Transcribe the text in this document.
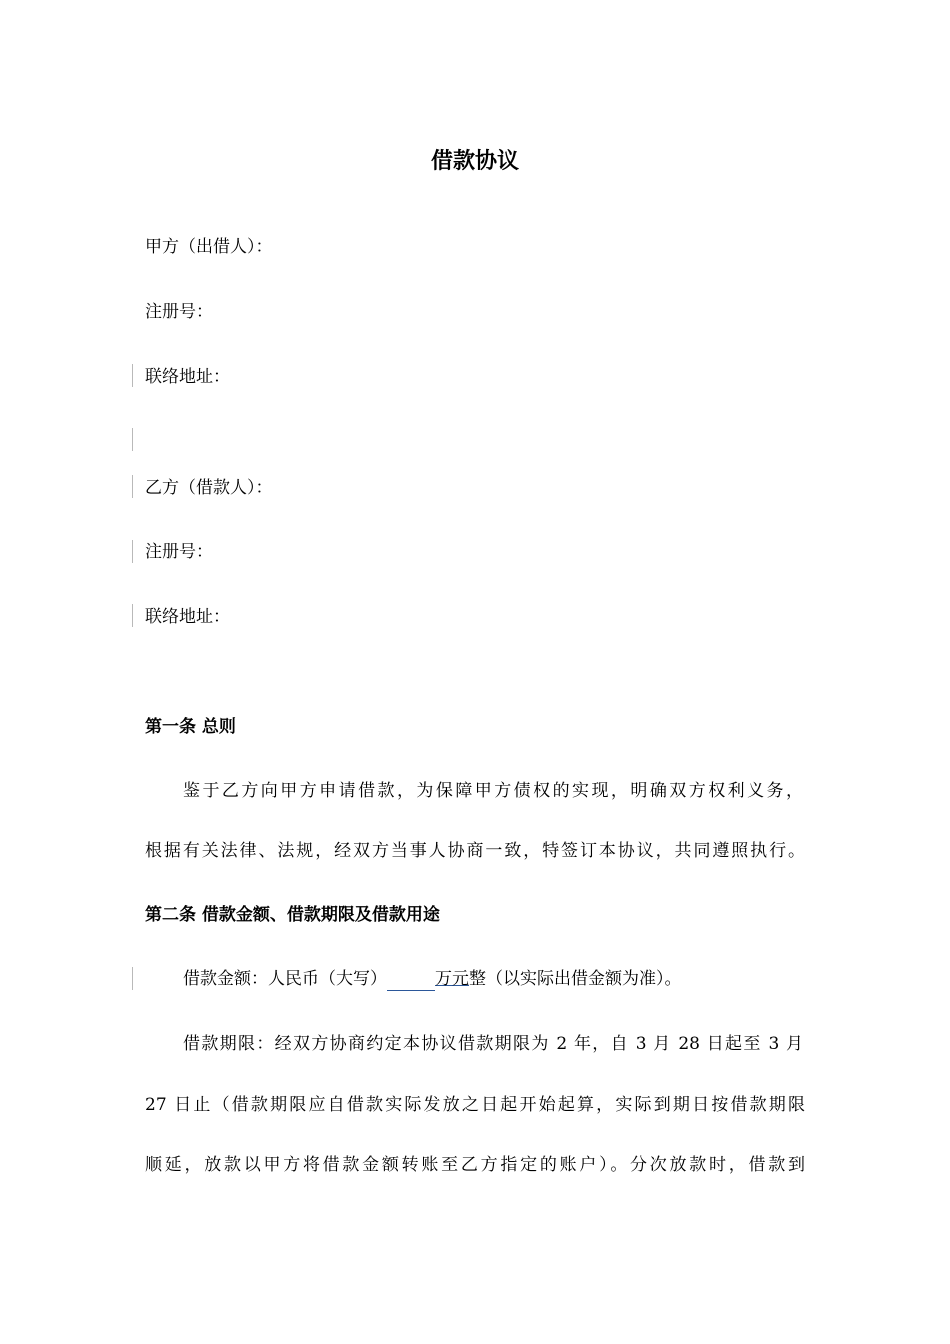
借款协议
甲方（出借人）：
注册号：
联络地址：
乙方（借款人）：
注册号：
联络地址：
第一条 总则
鉴于乙方向甲方申请借款，为保障甲方债权的实现，明确双方权利义务，
根据有关法律、法规，经双方当事人协商一致，特签订本协议，共同遵照执行。
第二条 借款金额、借款期限及借款用途
借款金额：人民币（大写）	万元整（以实际出借金额为准）。
借款期限：经双方协商约定本协议借款期限为 2 年，自 3 月 28 日起至 3 月
27 日止（借款期限应自借款实际发放之日起开始起算，实际到期日按借款期限
顺延，放款以甲方将借款金额转账至乙方指定的账户）。分次放款时，借款到
